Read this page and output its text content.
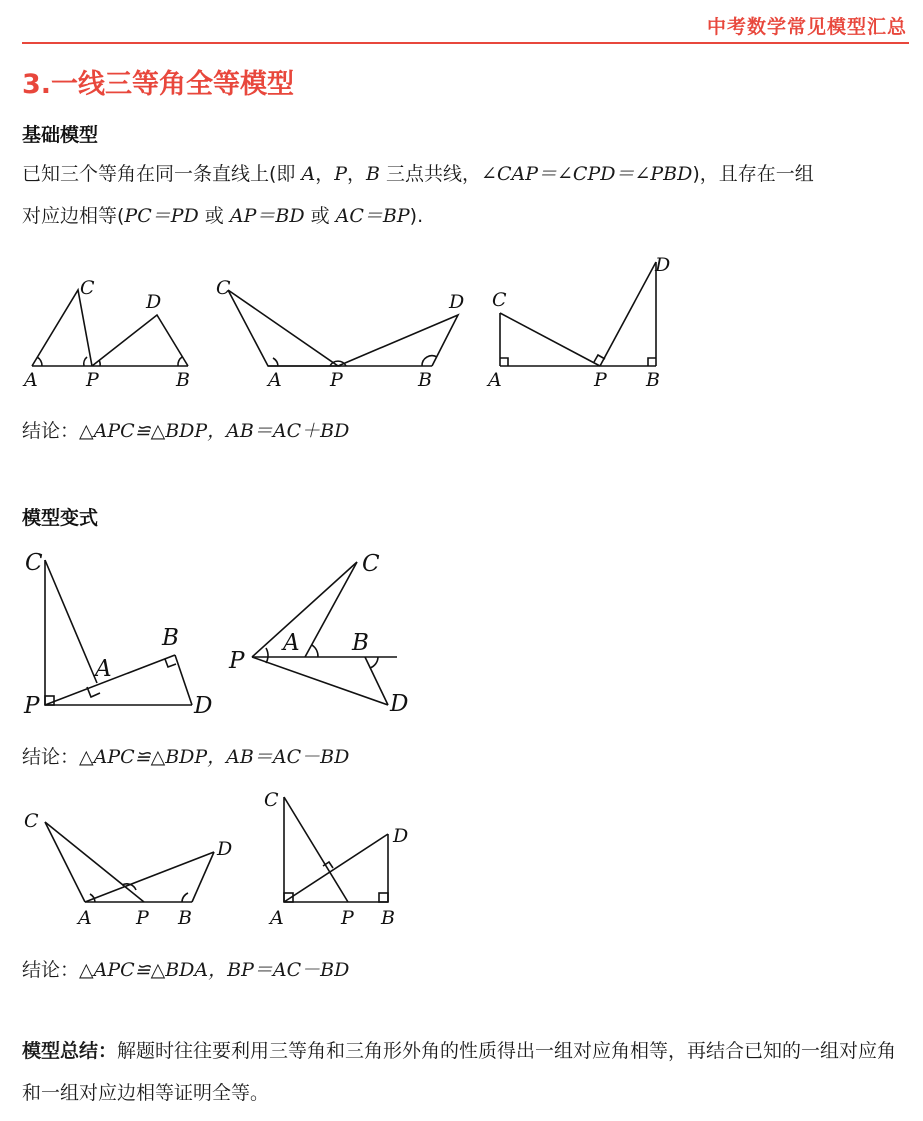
中考数学常见模型汇总
3.一线三等角全等模型
基础模型
已知三个等角在同一条直线上(即 A，P，B 三点共线，∠CAP＝∠CPD＝∠PBD)，且存在一组
对应边相等(PC＝PD 或 AP＝BD 或 AC＝BP).
C
D
A	P	B
C
D
A	P	B
C
D
A	P B
C
B
A
P	D
C
A B
P
D
C
D
A P B
C
D
A	P B
结论：△APC≌△BDP，AB＝AC＋BD
模型变式
结论：△APC≌△BDP，AB＝AC－BD
结论：△APC≌△BDA，BP＝AC－BD
模型总结：解题时往往要利用三等角和三角形外角的性质得出一组对应角相等，再结合已知的一组对应角和一组对应边相等证明全等。
